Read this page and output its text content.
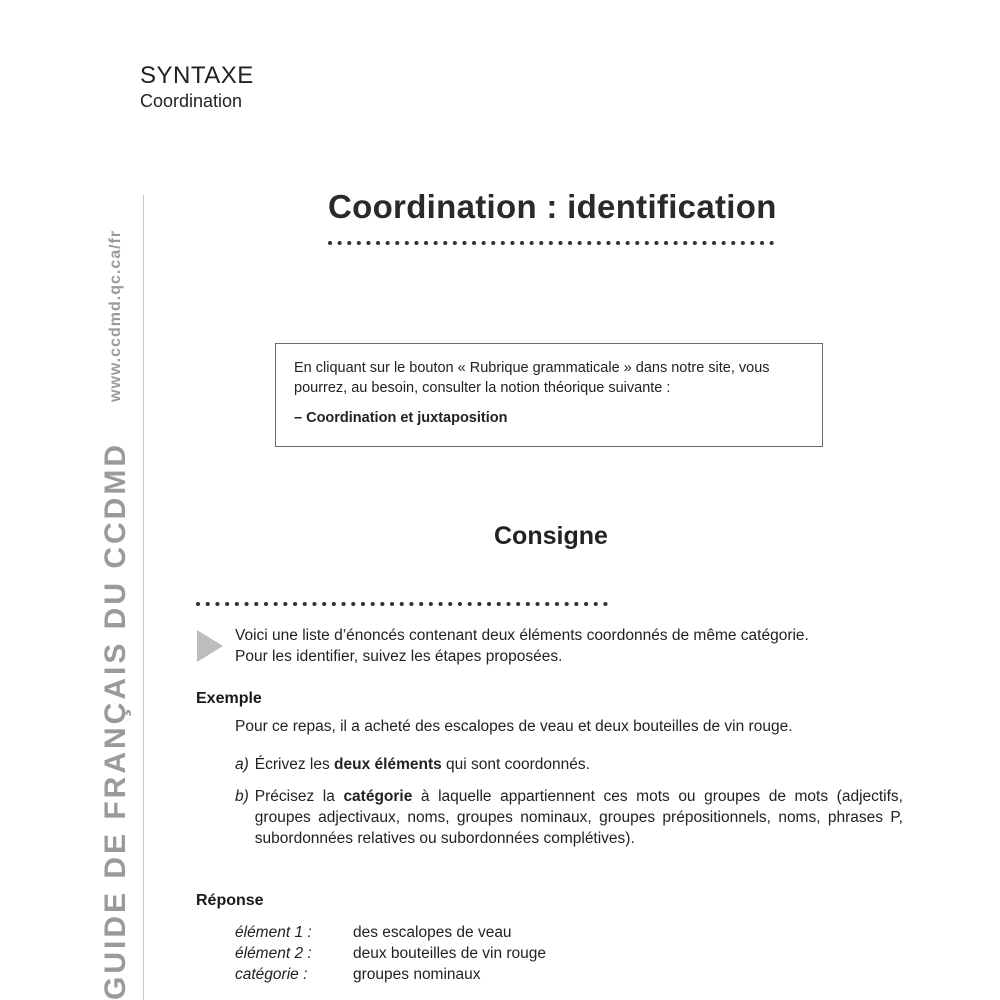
SYNTAXE
Coordination
GUIDE DE FRANÇAIS DU CCDMD
www.ccdmd.qc.ca/fr
Coordination : identification
En cliquant sur le bouton « Rubrique grammaticale » dans notre site, vous pourrez, au besoin, consulter la notion théorique suivante :
– Coordination et juxtaposition
Consigne
Voici une liste d’énoncés contenant deux éléments coordonnés de même catégorie.
Pour les identifier, suivez les étapes proposées.
Exemple
Pour ce repas, il a acheté des escalopes de veau et deux bouteilles de vin rouge.
a) Écrivez les deux éléments qui sont coordonnés.
b) Précisez la catégorie à laquelle appartiennent ces mots ou groupes de mots (adjectifs, groupes adjectivaux, noms, groupes nominaux, groupes prépositionnels, noms, phrases P, subordonnées relatives ou subordonnées complétives).
Réponse
élément 1 :	des escalopes de veau
élément 2 :	deux bouteilles de vin rouge
catégorie :	groupes nominaux
